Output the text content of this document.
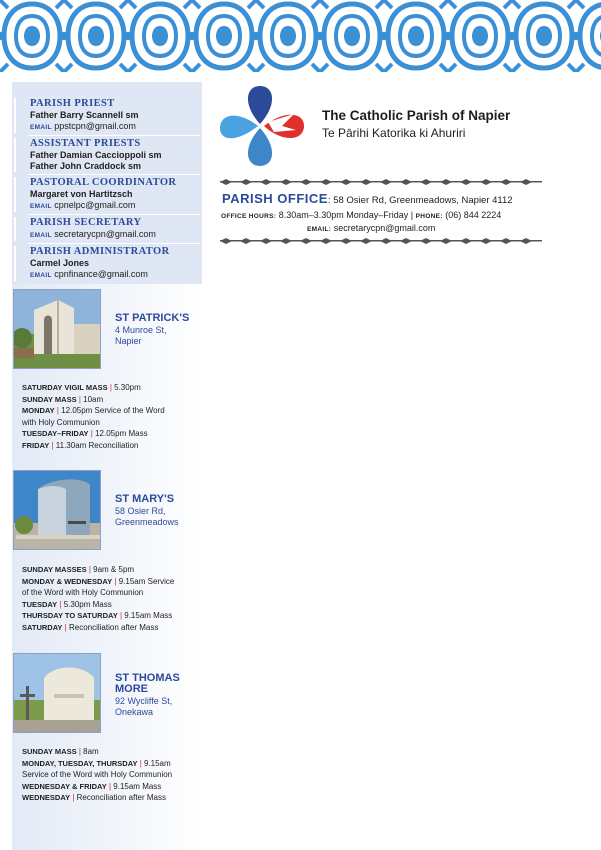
PARISH PRIEST
Father Barry Scannell sm
EMAIL ppstcpn@gmail.com
ASSISTANT PRIESTS
Father Damian Caccioppoli sm
Father John Craddock sm
PASTORAL COORDINATOR
Margaret von Hartitzsch
EMAIL cpnelpc@gmail.com
PARISH SECRETARY
EMAIL secretarycpn@gmail.com
PARISH ADMINISTRATOR
Carmel Jones
EMAIL cpnfinance@gmail.com
ST PATRICK'S
4 Munroe St,
Napier
SATURDAY VIGIL MASS | 5.30pm
SUNDAY MASS | 10am
MONDAY | 12.05pm Service of the Word
with Holy Communion
TUESDAY–FRIDAY | 12.05pm Mass
FRIDAY | 11.30am Reconciliation
ST MARY'S
58 Osier Rd,
Greenmeadows
SUNDAY MASSES | 9am & 5pm
MONDAY & WEDNESDAY | 9.15am Service
of the Word with Holy Communion
TUESDAY | 5.30pm Mass
THURSDAY TO SATURDAY | 9.15am Mass
SATURDAY | Reconciliation after Mass
ST THOMAS
MORE
92 Wycliffe St,
Onekawa
SUNDAY MASS | 8am
MONDAY, TUESDAY, THURSDAY | 9.15am
Service of the Word with Holy Communion
WEDNESDAY & FRIDAY | 9.15am Mass
WEDNESDAY | Reconciliation after Mass
The Catholic Parish of Napier
Te Pārihi Katorika ki Ahuriri
PARISH OFFICE: 58 Osier Rd, Greenmeadows, Napier 4112
OFFICE HOURS: 8.30am–3.30pm Monday–Friday | PHONE: (06) 844 2224
EMAIL: secretarycpn@gmail.com
